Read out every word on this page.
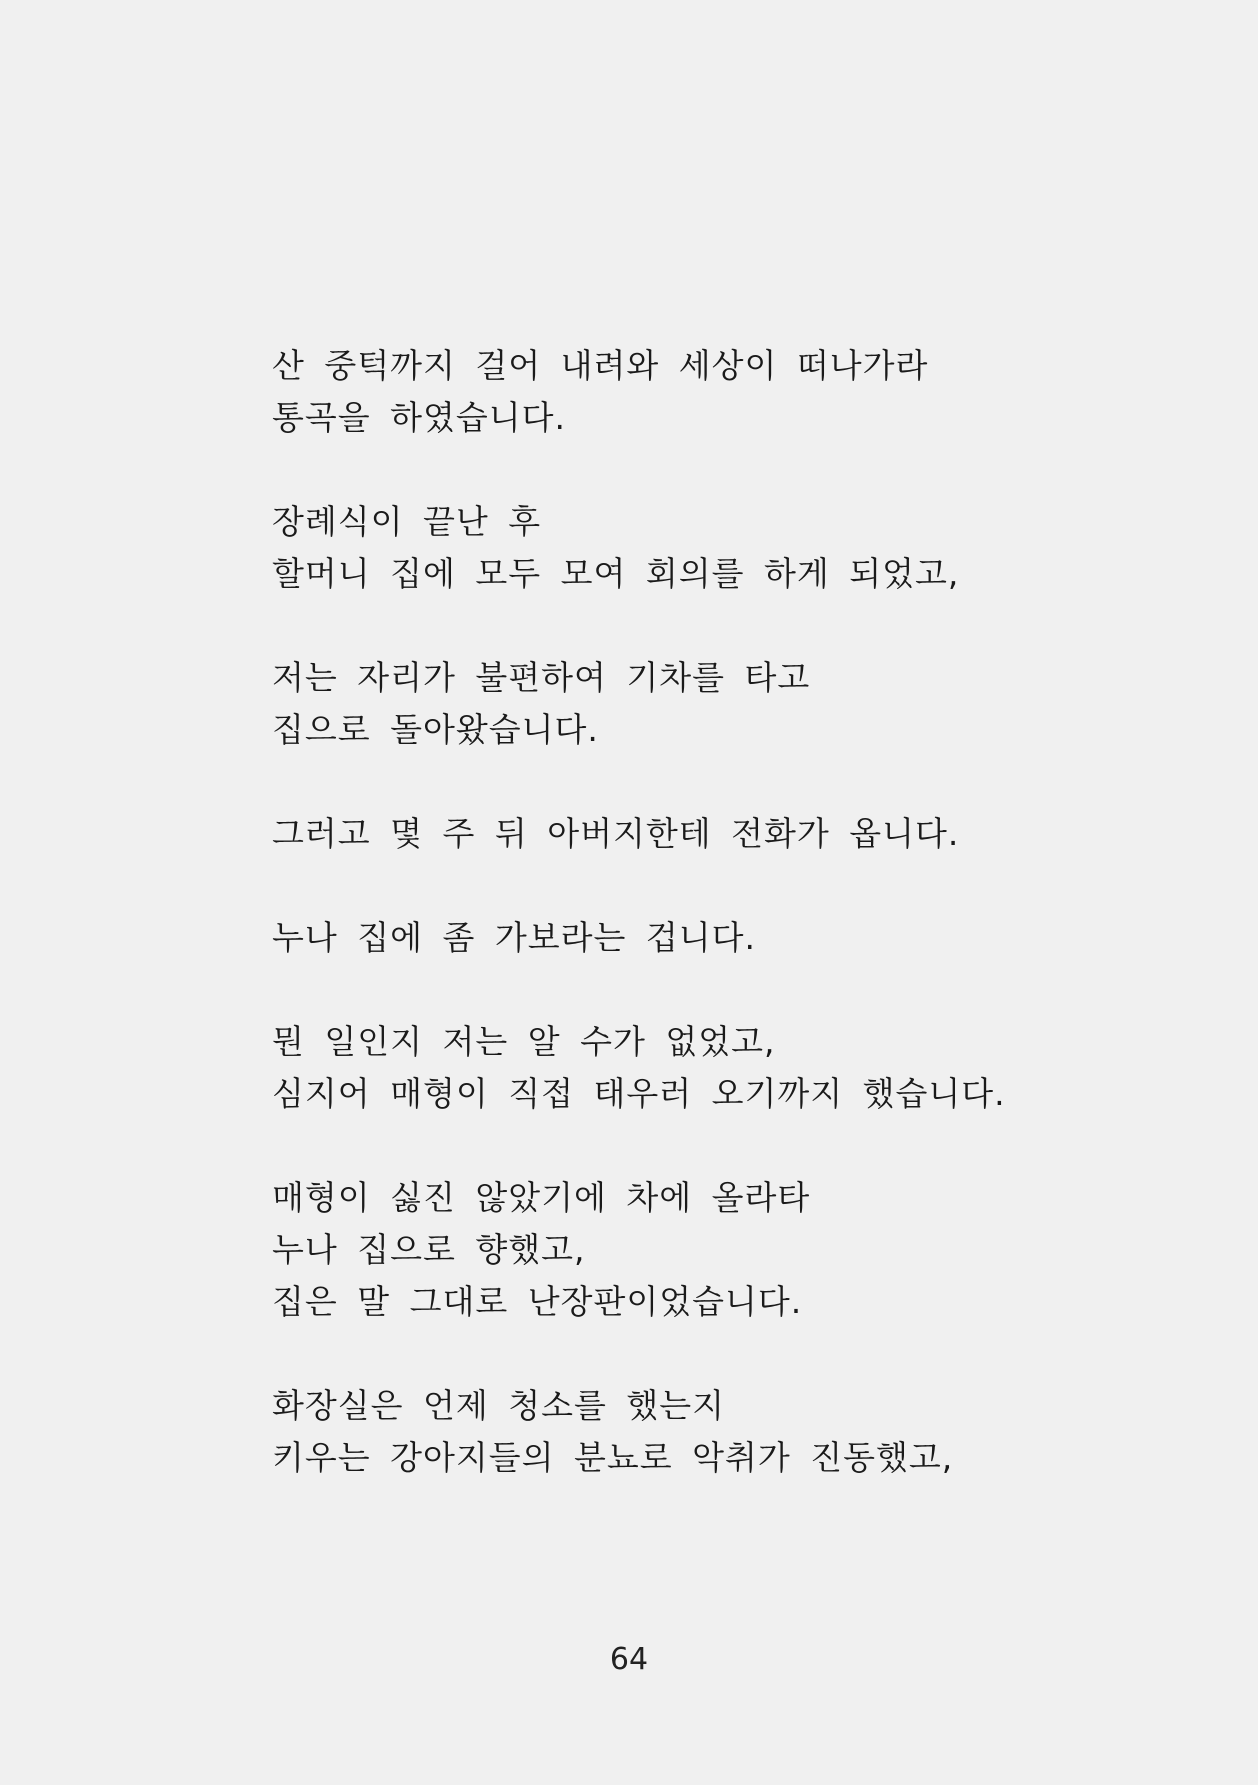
산 중턱까지 걸어 내려와 세상이 떠나가라
통곡을 하였습니다.
장례식이 끝난 후
할머니 집에 모두 모여 회의를 하게 되었고,
저는 자리가 불편하여 기차를 타고
집으로 돌아왔습니다.
그러고 몇 주 뒤 아버지한테 전화가 옵니다.
누나 집에 좀 가보라는 겁니다.
뭔 일인지 저는 알 수가 없었고,
심지어 매형이 직접 태우러 오기까지 했습니다.
매형이 싫진 않았기에 차에 올라타
누나 집으로 향했고,
집은 말 그대로 난장판이었습니다.
화장실은 언제 청소를 했는지
키우는 강아지들의 분뇨로 악취가 진동했고,
64
